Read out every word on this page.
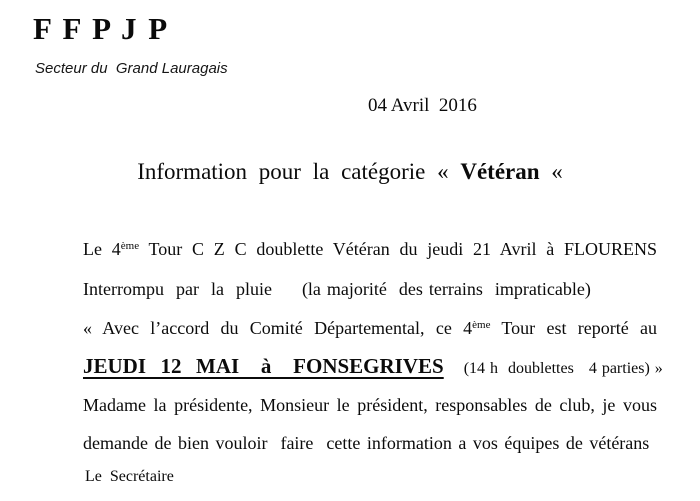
F F P J P
Secteur du  Grand Lauragais
04 Avril  2016
Information pour la catégorie « Vétéran «
Le 4ème Tour C Z C doublette Vétéran du jeudi 21 Avril à FLOURENS
Interrompu  par  la  pluie     (la majorité  des terrains  impraticable)
« Avec l’accord du Comité Départemental, ce 4ème Tour est reporté au
JEUDI  12  MAI   à   FONSEGRIVES    (14 h  doublettes   4 parties) »
Madame la présidente, Monsieur le président, responsables de club, je vous
demande de bien vouloir  faire  cette information a vos équipes de vétérans
Le  Secrétaire
